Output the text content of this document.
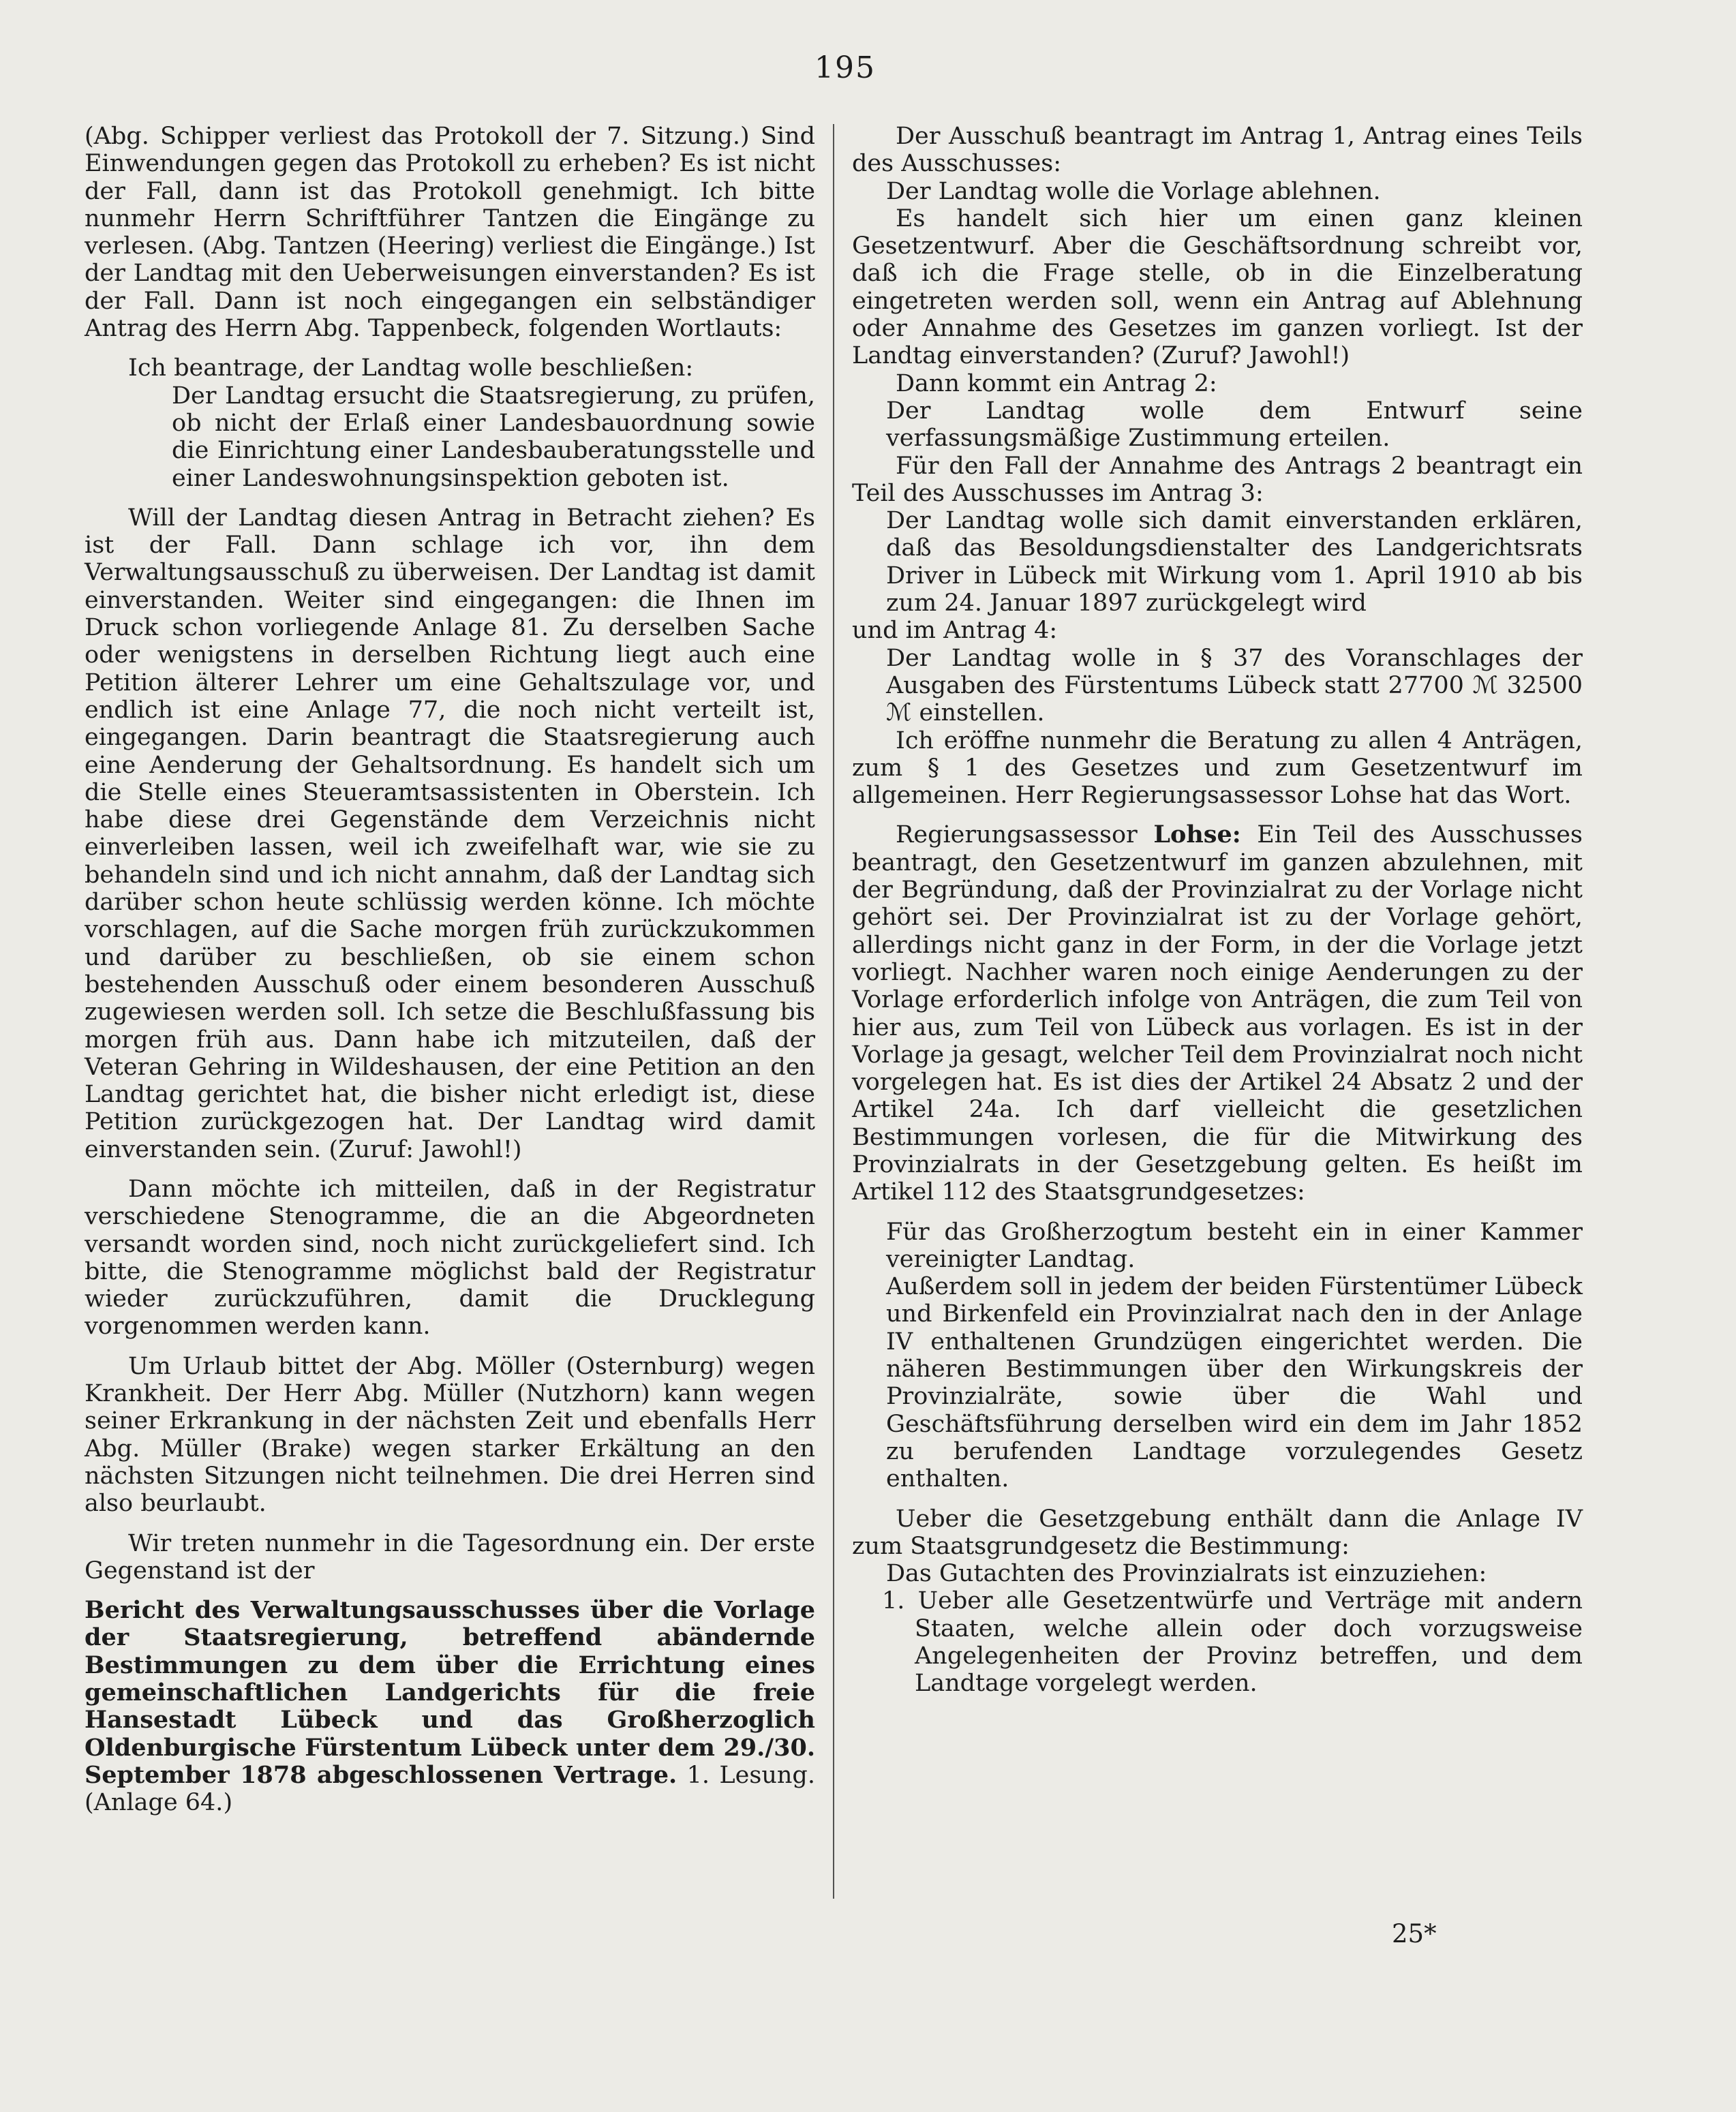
195

(Abg. Schipper verliest das Protokoll der 7. Sitzung.) Sind Einwendungen gegen das Protokoll zu erheben? Es ist nicht der Fall, dann ist das Protokoll genehmigt. Ich bitte nunmehr Herrn Schriftführer Tantzen die Eingänge zu verlesen. (Abg. Tantzen (Heering) verliest die Eingänge.) Ist der Landtag mit den Ueberweisungen einverstanden? Es ist der Fall. Dann ist noch eingegangen ein selbständiger Antrag des Herrn Abg. Tappenbeck, folgenden Wortlauts:

Ich beantrage, der Landtag wolle beschließen:

Der Landtag ersucht die Staatsregierung, zu prüfen, ob nicht der Erlaß einer Landesbauordnung sowie die Einrichtung einer Landesbauberatungsstelle und einer Landeswohnungsinspektion geboten ist.

Will der Landtag diesen Antrag in Betracht ziehen? Es ist der Fall. Dann schlage ich vor, ihn dem Verwaltungsausschuß zu überweisen. Der Landtag ist damit einverstanden. Weiter sind eingegangen: die Ihnen im Druck schon vorliegende Anlage 81. Zu derselben Sache oder wenigstens in derselben Richtung liegt auch eine Petition älterer Lehrer um eine Gehaltszulage vor, und endlich ist eine Anlage 77, die noch nicht verteilt ist, eingegangen. Darin beantragt die Staatsregierung auch eine Aenderung der Gehaltsordnung. Es handelt sich um die Stelle eines Steueramtsassistenten in Oberstein. Ich habe diese drei Gegenstände dem Verzeichnis nicht einverleiben lassen, weil ich zweifelhaft war, wie sie zu behandeln sind und ich nicht annahm, daß der Landtag sich darüber schon heute schlüssig werden könne. Ich möchte vorschlagen, auf die Sache morgen früh zurückzukommen und darüber zu beschließen, ob sie einem schon bestehenden Ausschuß oder einem besonderen Ausschuß zugewiesen werden soll. Ich setze die Beschlußfassung bis morgen früh aus. Dann habe ich mitzuteilen, daß der Veteran Gehring in Wildeshausen, der eine Petition an den Landtag gerichtet hat, die bisher nicht erledigt ist, diese Petition zurückgezogen hat. Der Landtag wird damit einverstanden sein. (Zuruf: Jawohl!)

Dann möchte ich mitteilen, daß in der Registratur verschiedene Stenogramme, die an die Abgeordneten versandt worden sind, noch nicht zurückgeliefert sind. Ich bitte, die Stenogramme möglichst bald der Registratur wieder zurückzuführen, damit die Drucklegung vorgenommen werden kann.

Um Urlaub bittet der Abg. Möller (Osternburg) wegen Krankheit. Der Herr Abg. Müller (Nutzhorn) kann wegen seiner Erkrankung in der nächsten Zeit und ebenfalls Herr Abg. Müller (Brake) wegen starker Erkältung an den nächsten Sitzungen nicht teilnehmen. Die drei Herren sind also beurlaubt.

Wir treten nunmehr in die Tagesordnung ein. Der erste Gegenstand ist der

Bericht des Verwaltungsausschusses über die Vorlage der Staatsregierung, betreffend abändernde Bestimmungen zu dem über die Errichtung eines gemeinschaftlichen Landgerichts für die freie Hansestadt Lübeck und das Großherzoglich Oldenburgische Fürstentum Lübeck unter dem 29./30. September 1878 abgeschlossenen Vertrage. 1. Lesung. (Anlage 64.)

Der Ausschuß beantragt im Antrag 1, Antrag eines Teils des Ausschusses:

Der Landtag wolle die Vorlage ablehnen.

Es handelt sich hier um einen ganz kleinen Gesetzentwurf. Aber die Geschäftsordnung schreibt vor, daß ich die Frage stelle, ob in die Einzelberatung eingetreten werden soll, wenn ein Antrag auf Ablehnung oder Annahme des Gesetzes im ganzen vorliegt. Ist der Landtag einverstanden? (Zuruf? Jawohl!)

Dann kommt ein Antrag 2:

Der Landtag wolle dem Entwurf seine verfassungsmäßige Zustimmung erteilen.

Für den Fall der Annahme des Antrags 2 beantragt ein Teil des Ausschusses im Antrag 3:

Der Landtag wolle sich damit einverstanden erklären, daß das Besoldungsdienstalter des Landgerichtsrats Driver in Lübeck mit Wirkung vom 1. April 1910 ab bis zum 24. Januar 1897 zurückgelegt wird

und im Antrag 4:

Der Landtag wolle in § 37 des Voranschlages der Ausgaben des Fürstentums Lübeck statt 27700 ℳ 32500 ℳ einstellen.

Ich eröffne nunmehr die Beratung zu allen 4 Anträgen, zum § 1 des Gesetzes und zum Gesetzentwurf im allgemeinen. Herr Regierungsassessor Lohse hat das Wort.

Regierungsassessor Lohse: Ein Teil des Ausschusses beantragt, den Gesetzentwurf im ganzen abzulehnen, mit der Begründung, daß der Provinzialrat zu der Vorlage nicht gehört sei. Der Provinzialrat ist zu der Vorlage gehört, allerdings nicht ganz in der Form, in der die Vorlage jetzt vorliegt. Nachher waren noch einige Aenderungen zu der Vorlage erforderlich infolge von Anträgen, die zum Teil von hier aus, zum Teil von Lübeck aus vorlagen. Es ist in der Vorlage ja gesagt, welcher Teil dem Provinzialrat noch nicht vorgelegen hat. Es ist dies der Artikel 24 Absatz 2 und der Artikel 24a. Ich darf vielleicht die gesetzlichen Bestimmungen vorlesen, die für die Mitwirkung des Provinzialrats in der Gesetzgebung gelten. Es heißt im Artikel 112 des Staatsgrundgesetzes:

Für das Großherzogtum besteht ein in einer Kammer vereinigter Landtag.

Außerdem soll in jedem der beiden Fürstentümer Lübeck und Birkenfeld ein Provinzialrat nach den in der Anlage IV enthaltenen Grundzügen eingerichtet werden. Die näheren Bestimmungen über den Wirkungskreis der Provinzialräte, sowie über die Wahl und Geschäftsführung derselben wird ein dem im Jahr 1852 zu berufenden Landtage vorzulegendes Gesetz enthalten.

Ueber die Gesetzgebung enthält dann die Anlage IV zum Staatsgrundgesetz die Bestimmung:

Das Gutachten des Provinzialrats ist einzuziehen:

1. Ueber alle Gesetzentwürfe und Verträge mit andern Staaten, welche allein oder doch vorzugsweise Angelegenheiten der Provinz betreffen, und dem Landtage vorgelegt werden.

25*
